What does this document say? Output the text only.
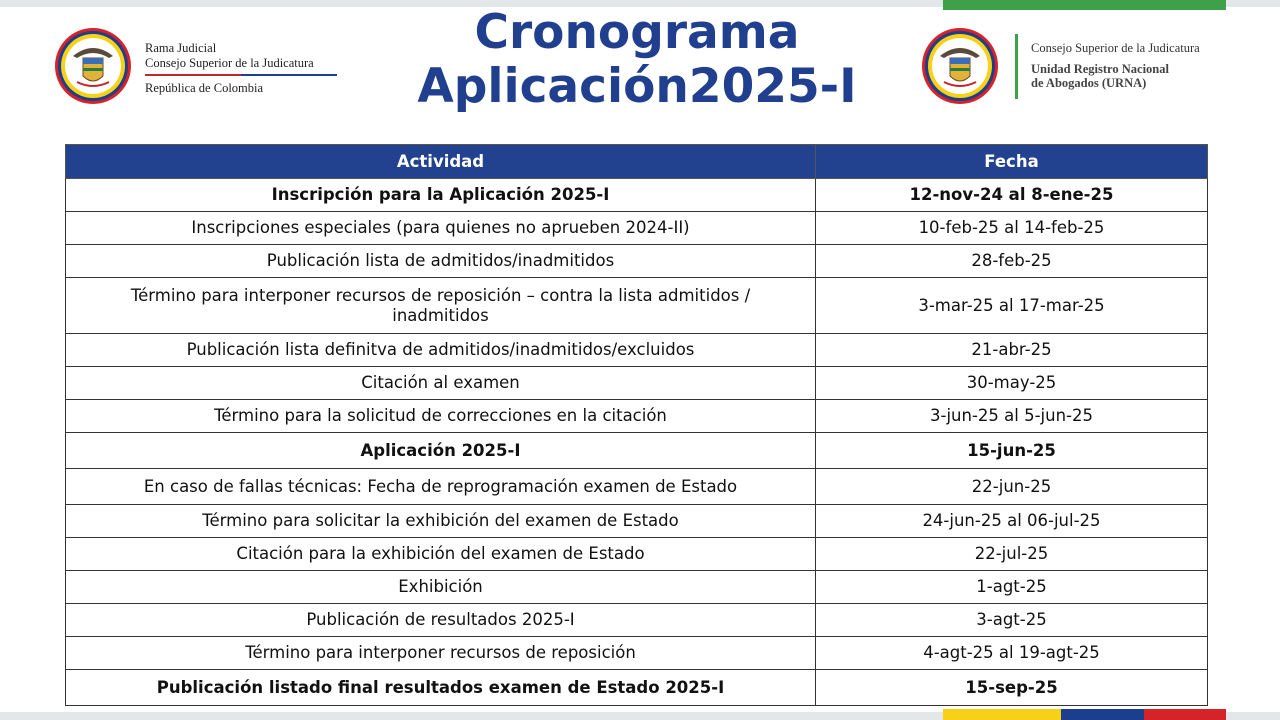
Rama Judicial
Consejo Superior de la Judicatura
República de Colombia
Cronograma
Aplicación2025-I
Consejo Superior de la Judicatura
Unidad Registro Nacional
de Abogados (URNA)
Actividad	Fecha
Inscripción para la Aplicación 2025-I	12-nov-24 al 8-ene-25
Inscripciones especiales (para quienes no aprueben 2024-II)	10-feb-25 al 14-feb-25
Publicación lista de admitidos/inadmitidos	28-feb-25
Término para interponer recursos de reposición – contra la lista admitidos / inadmitidos	3-mar-25 al 17-mar-25
Publicación lista definitva de admitidos/inadmitidos/excluidos	21-abr-25
Citación al examen	30-may-25
Término para la solicitud de correcciones en la citación	3-jun-25 al 5-jun-25
Aplicación 2025-I	15-jun-25
En caso de fallas técnicas: Fecha de reprogramación examen de Estado	22-jun-25
Término para solicitar la exhibición del examen de Estado	24-jun-25 al 06-jul-25
Citación para la exhibición del examen de Estado	22-jul-25
Exhibición	1-agt-25
Publicación de resultados 2025-I	3-agt-25
Término para interponer recursos de reposición	4-agt-25 al 19-agt-25
Publicación listado final resultados examen de Estado 2025-I	15-sep-25
